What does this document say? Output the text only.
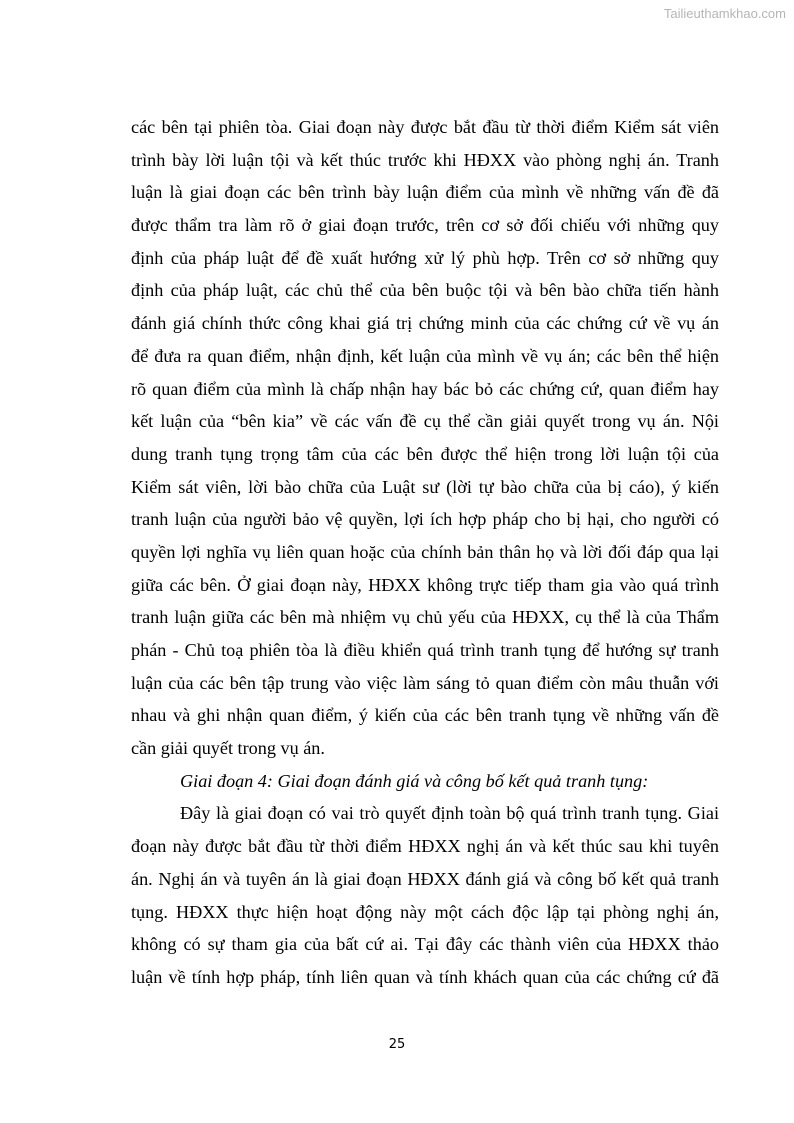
Tailieuthamkhao.com
các bên tại phiên tòa. Giai đoạn này được bắt đầu từ thời điểm Kiểm sát viên
trình bày lời luận tội và kết thúc trước khi HĐXX vào phòng nghị án. Tranh
luận là giai đoạn các bên trình bày luận điểm của mình về những vấn đề đã
được thẩm tra làm rõ ở giai đoạn trước, trên cơ sở đối chiếu với những quy
định của pháp luật để đề xuất hướng xử lý phù hợp. Trên cơ sở những quy
định của pháp luật, các chủ thể của bên buộc tội và bên bào chữa tiến hành
đánh giá chính thức công khai giá trị chứng minh của các chứng cứ về vụ án
để đưa ra quan điểm, nhận định, kết luận của mình về vụ án; các bên thể hiện
rõ quan điểm của mình là chấp nhận hay bác bỏ các chứng cứ, quan điểm hay
kết luận của “bên kia” về các vấn đề cụ thể cần giải quyết trong vụ án. Nội
dung tranh tụng trọng tâm của các bên được thể hiện trong lời luận tội của
Kiểm sát viên, lời bào chữa của Luật sư (lời tự bào chữa của bị cáo), ý kiến
tranh luận của người bảo vệ quyền, lợi ích hợp pháp cho bị hại, cho người có
quyền lợi nghĩa vụ liên quan hoặc của chính bản thân họ và lời đối đáp qua lại
giữa các bên. Ở giai đoạn này, HĐXX không trực tiếp tham gia vào quá trình
tranh luận giữa các bên mà nhiệm vụ chủ yếu của HĐXX, cụ thể là của Thẩm
phán - Chủ toạ phiên tòa là điều khiển quá trình tranh tụng để hướng sự tranh
luận của các bên tập trung vào việc làm sáng tỏ quan điểm còn mâu thuẫn với
nhau và ghi nhận quan điểm, ý kiến của các bên tranh tụng về những vấn đề
cần giải quyết trong vụ án.
Giai đoạn 4: Giai đoạn đánh giá và công bố kết quả tranh tụng:
Đây là giai đoạn có vai trò quyết định toàn bộ quá trình tranh tụng. Giai
đoạn này được bắt đầu từ thời điểm HĐXX nghị án và kết thúc sau khi tuyên
án. Nghị án và tuyên án là giai đoạn HĐXX đánh giá và công bố kết quả tranh
tụng. HĐXX thực hiện hoạt động này một cách độc lập tại phòng nghị án,
không có sự tham gia của bất cứ ai. Tại đây các thành viên của HĐXX thảo
luận về tính hợp pháp, tính liên quan và tính khách quan của các chứng cứ đã
25
